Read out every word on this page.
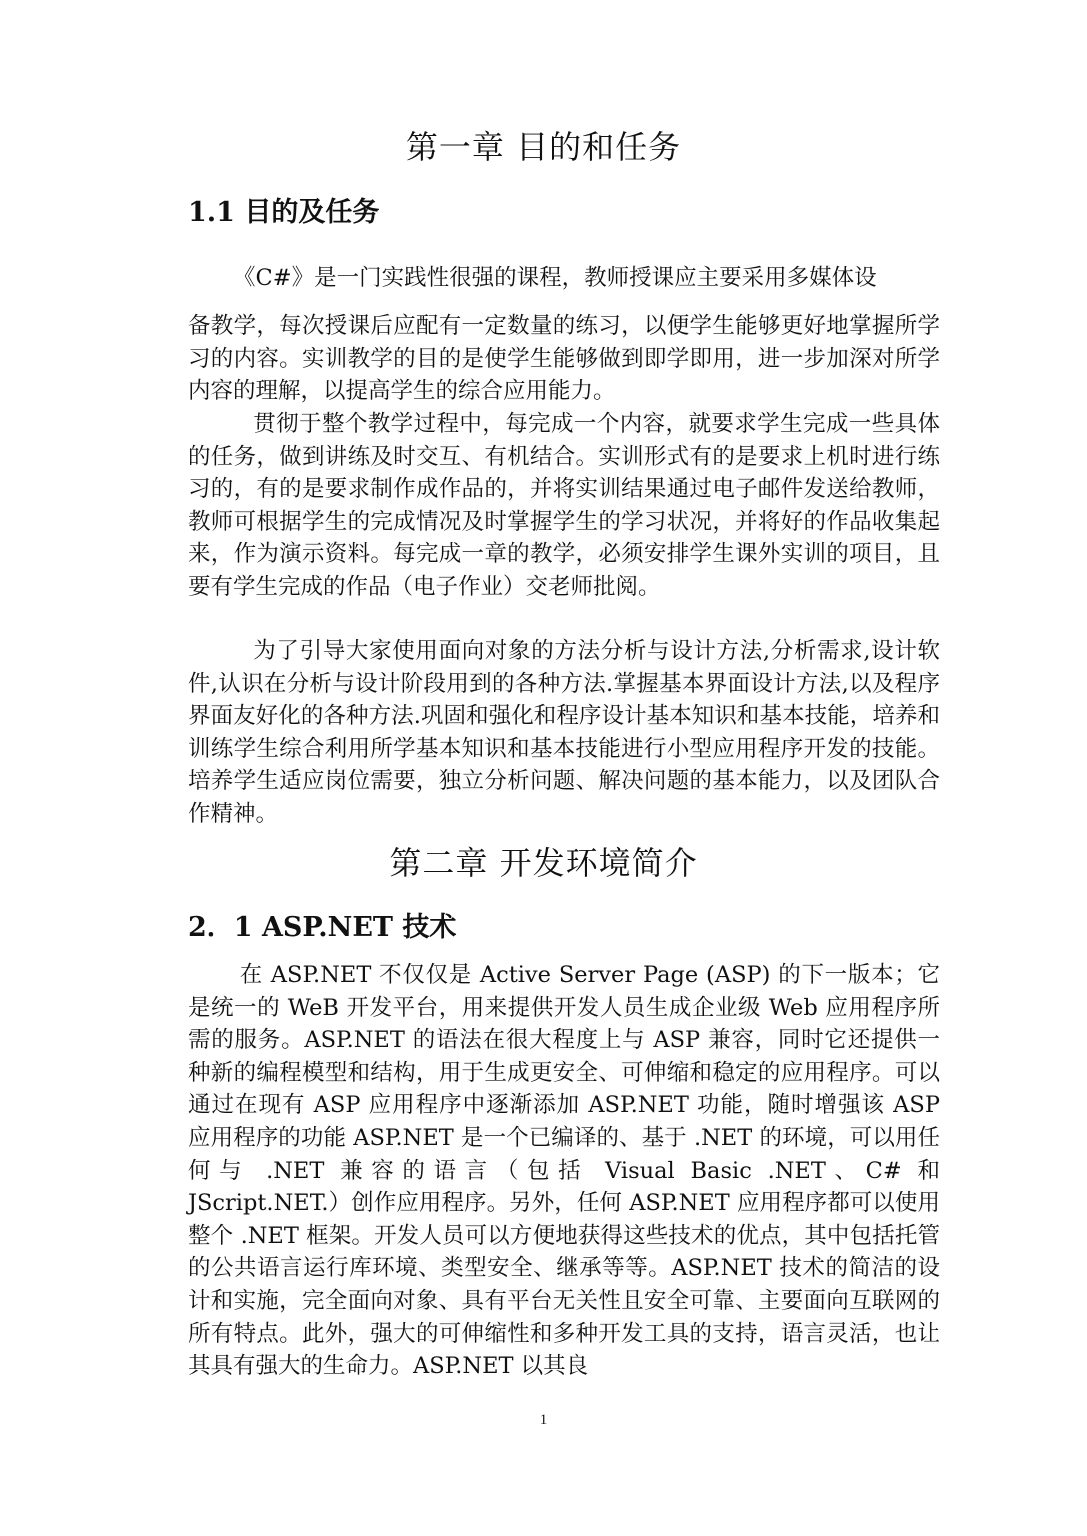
第一章 目的和任务
1.1 目的及任务

《C#》是一门实践性很强的课程，教师授课应主要采用多媒体设

备教学，每次授课后应配有一定数量的练习，以便学生能够更好地掌握所学习的内容。实训教学的目的是使学生能够做到即学即用，进一步加深对所学内容的理解，以提高学生的综合应用能力。

贯彻于整个教学过程中，每完成一个内容，就要求学生完成一些具体的任务，做到讲练及时交互、有机结合。实训形式有的是要求上机时进行练习的，有的是要求制作成作品的，并将实训结果通过电子邮件发送给教师，教师可根据学生的完成情况及时掌握学生的学习状况，并将好的作品收集起来，作为演示资料。每完成一章的教学，必须安排学生课外实训的项目，且要有学生完成的作品（电子作业）交老师批阅。

为了引导大家使用面向对象的方法分析与设计方法,分析需求,设计软件,认识在分析与设计阶段用到的各种方法.掌握基本界面设计方法,以及程序界面友好化的各种方法.巩固和强化和程序设计基本知识和基本技能，培养和训练学生综合利用所学基本知识和基本技能进行小型应用程序开发的技能。培养学生适应岗位需要，独立分析问题、解决问题的基本能力，以及团队合作精神。

第二章 开发环境简介
2．1 ASP.NET 技术

在 ASP.NET 不仅仅是 Active Server Page (ASP) 的下一版本；它是统一的 WeB 开发平台，用来提供开发人员生成企业级 Web 应用程序所需的服务。ASP.NET 的语法在很大程度上与 ASP 兼容，同时它还提供一种新的编程模型和结构，用于生成更安全、可伸缩和稳定的应用程序。可以通过在现有 ASP 应用程序中逐渐添加 ASP.NET 功能，随时增强该 ASP 应用程序的功能 ASP.NET 是一个已编译的、基于 .NET 的环境，可以用任何与 .NET 兼容的语言（包括 Visual Basic .NET、C# 和 JScript.NET.）创作应用程序。另外，任何 ASP.NET 应用程序都可以使用整个 .NET 框架。开发人员可以方便地获得这些技术的优点，其中包括托管的公共语言运行库环境、类型安全、继承等等。ASP.NET 技术的简洁的设计和实施，完全面向对象、具有平台无关性且安全可靠、主要面向互联网的所有特点。此外，强大的可伸缩性和多种开发工具的支持，语言灵活，也让其具有强大的生命力。ASP.NET 以其良

1
